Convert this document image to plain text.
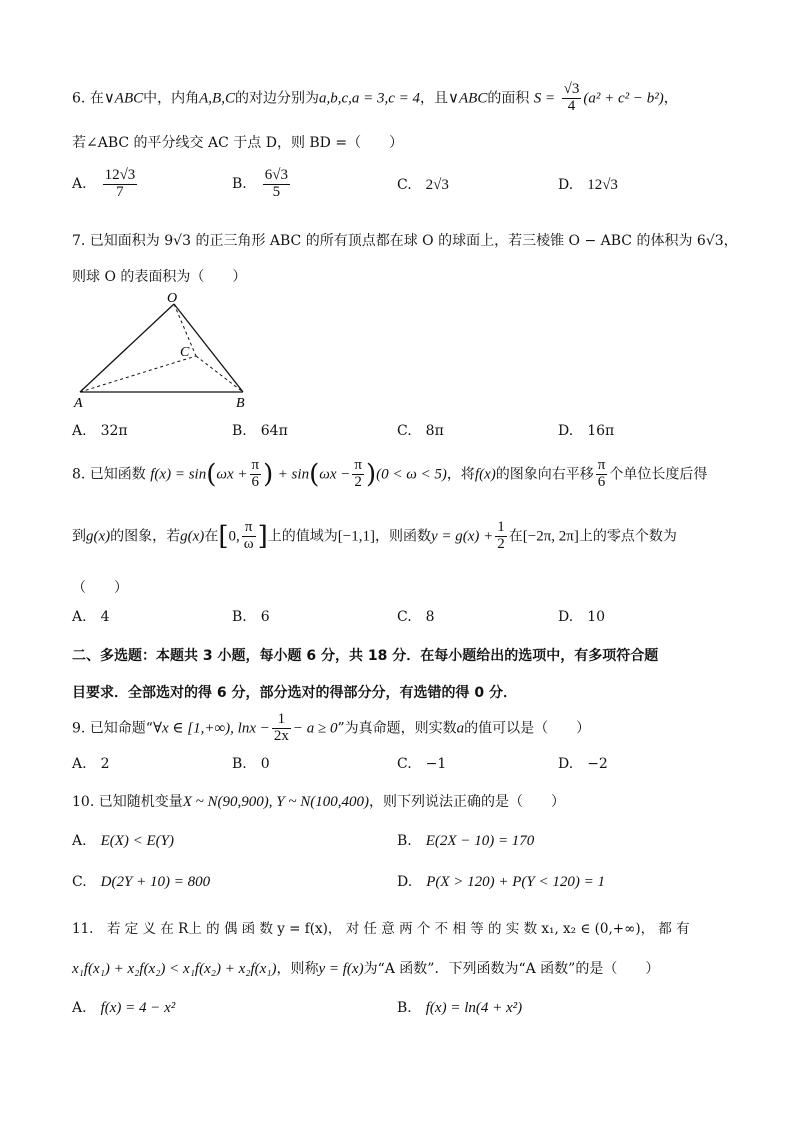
6. 在∨ABC中，内角A,B,C的对边分别为a,b,c,a = 3,c = 4，且∨ABC的面积 $S = \frac{√3}{4} (a^2 + c^2 - b^2)$，
若∠ABC 的平分线交 AC 于点 D，则 BD =（　　）
A. $\frac{12√3}{7}$	B. $\frac{6√3}{5}$	C. 2√3	D. 12√3
7. 已知面积为 9√3 的正三角形 ABC 的所有顶点都在球 O 的球面上，若三棱锥 O − ABC 的体积为 6√3，
则球 O 的表面积为（　　）
O
C
A	B
A. 32π	B. 64π	C. 8π	D. 16π
8. 已知函数 $f(x) = \sin(\omega x + \frac{\pi}{6}$ ) + $\sin(\omega x - \frac{\pi}{2} )(0 < \omega < 5)$，将f(x)的图象向右平移 $\frac{\pi}{6}$ 个单位长度后得
到g(x)的图象，若g(x)在[0, $\frac{\pi}{\omega}$ ]上的值域为[−1,1]，则函数$y = g(x) + \frac{1}{2}$ 在[−2π, 2π]上的零点个数为
（　　）
A. 4	B. 6	C. 8	D. 10
二、多选题：本题共 3 小题，每小题 6 分，共 18 分．在每小题给出的选项中，有多项符合题
目要求．全部选对的得 6 分，部分选对的得部分分，有选错的得 0 分．
9. 已知命题“∀x ∈ [1,+∞), $\ln x - \frac{1}{2x} - a \ge 0$”为真命题，则实数a的值可以是（　　）
A. 2	B. 0	C. −1	D. −2
10. 已知随机变量X ~ N(90,900), Y ~ N(100,400)，则下列说法正确的是（　　）
A. E(X) < E(Y)	B. E(2X − 10) = 170
C. D(2Y + 10) = 800	D. P(X > 120) + P(Y < 120) = 1
11.　若 定 义 在 R上 的 偶 函 数 y = f(x)， 对 任 意 两 个 不 相 等 的 实 数 x₁, x₂ ∈ (0,+∞)， 都 有
x₁f(x₁) + x₂f(x₂) < x₁f(x₂) + x₂f(x₁)，则称y = f(x)为“A 函数”．下列函数为“A 函数”的是（　　）
A. f(x) = 4 − x²	B. f(x) = ln(4 + x²)
